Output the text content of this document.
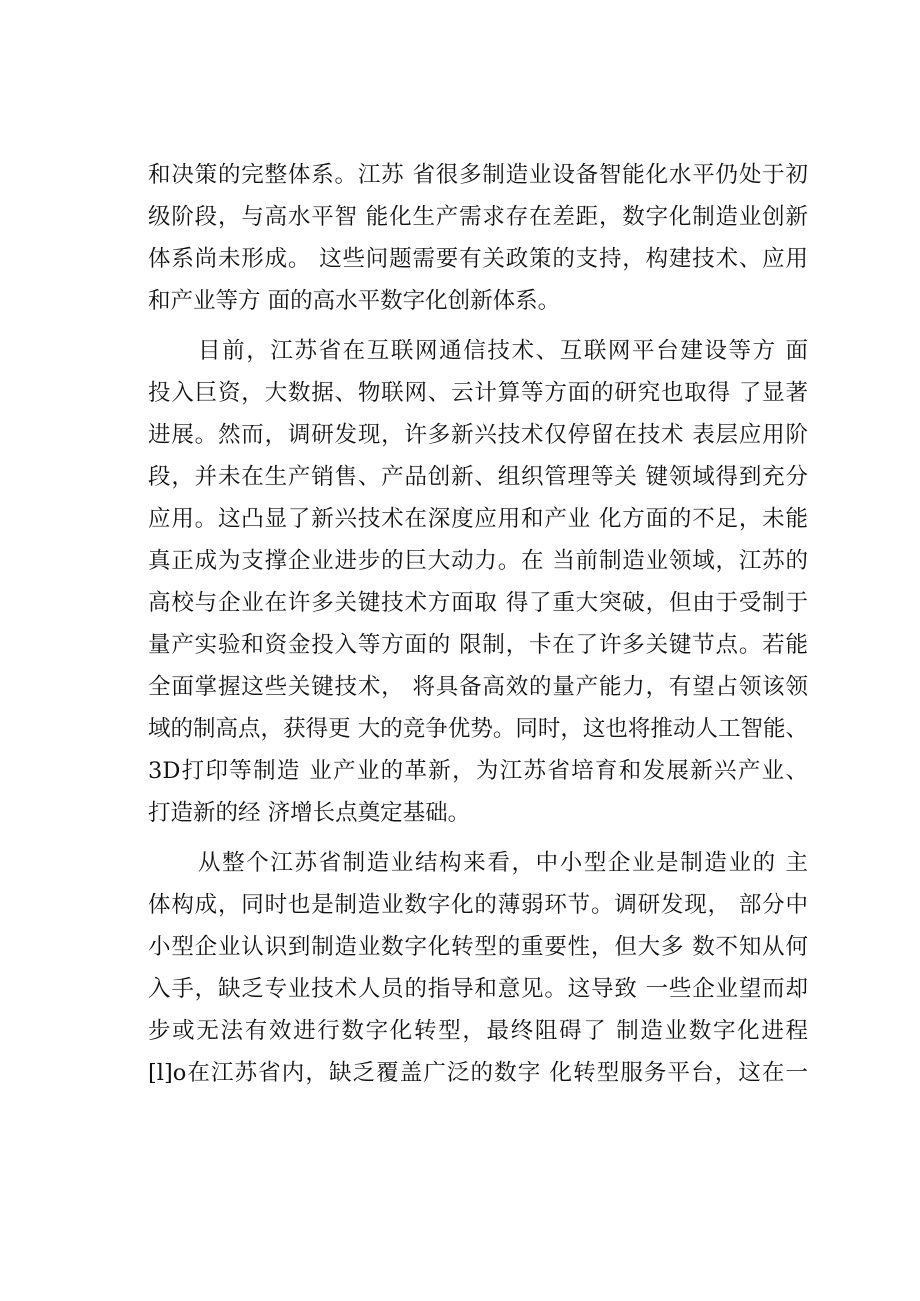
和决策的完整体系。江苏 省很多制造业设备智能化水平仍处于初
级阶段，与高水平智 能化生产需求存在差距，数字化制造业创新
体系尚未形成。 这些问题需要有关政策的支持，构建技术、应用
和产业等方 面的高水平数字化创新体系。
目前，江苏省在互联网通信技术、互联网平台建设等方 面
投入巨资，大数据、物联网、云计算等方面的研究也取得 了显著
进展。然而，调研发现，许多新兴技术仅停留在技术 表层应用阶
段，并未在生产销售、产品创新、组织管理等关 键领域得到充分
应用。这凸显了新兴技术在深度应用和产业 化方面的不足，未能
真正成为支撑企业进步的巨大动力。在 当前制造业领域，江苏的
高校与企业在许多关键技术方面取 得了重大突破，但由于受制于
量产实验和资金投入等方面的 限制，卡在了许多关键节点。若能
全面掌握这些关键技术， 将具备高效的量产能力，有望占领该领
域的制高点，获得更 大的竞争优势。同时，这也将推动人工智能、
3D打印等制造 业产业的革新，为江苏省培育和发展新兴产业、
打造新的经 济增长点奠定基础。
从整个江苏省制造业结构来看，中小型企业是制造业的 主
体构成，同时也是制造业数字化的薄弱环节。调研发现， 部分中
小型企业认识到制造业数字化转型的重要性，但大多 数不知从何
入手，缺乏专业技术人员的指导和意见。这导致 一些企业望而却
步或无法有效进行数字化转型，最终阻碍了 制造业数字化进程
[l]o在江苏省内，缺乏覆盖广泛的数字 化转型服务平台，这在一
